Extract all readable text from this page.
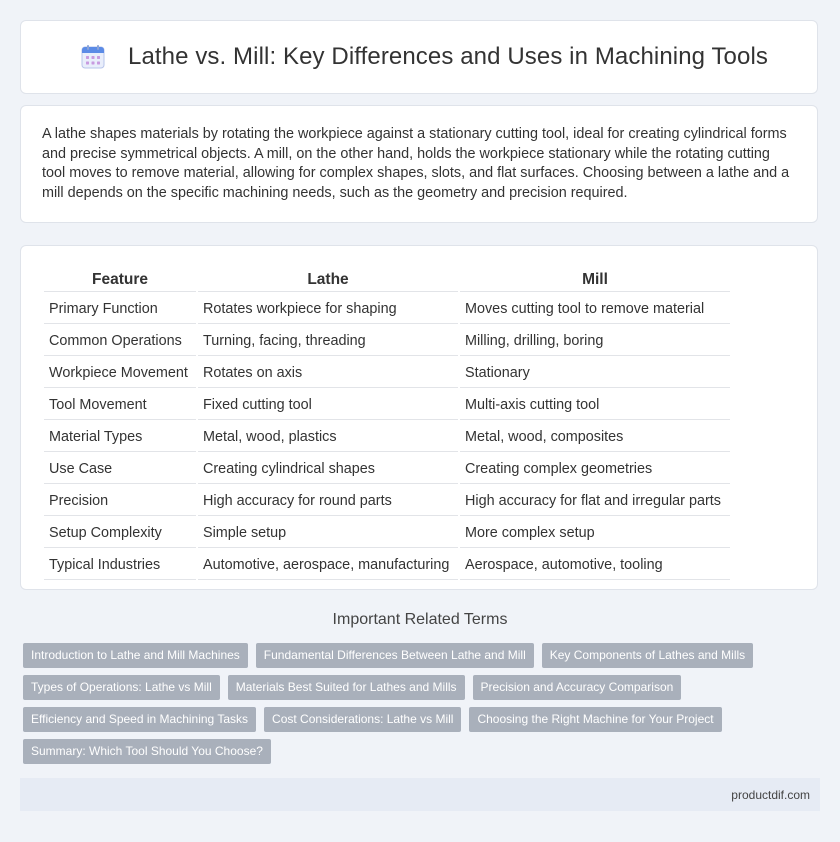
Lathe vs. Mill: Key Differences and Uses in Machining Tools

A lathe shapes materials by rotating the workpiece against a stationary cutting tool, ideal for creating cylindrical forms and precise symmetrical objects. A mill, on the other hand, holds the workpiece stationary while the rotating cutting tool moves to remove material, allowing for complex shapes, slots, and flat surfaces. Choosing between a lathe and a mill depends on the specific machining needs, such as the geometry and precision required.

Feature	Lathe	Mill
Primary Function	Rotates workpiece for shaping	Moves cutting tool to remove material
Common Operations	Turning, facing, threading	Milling, drilling, boring
Workpiece Movement	Rotates on axis	Stationary
Tool Movement	Fixed cutting tool	Multi-axis cutting tool
Material Types	Metal, wood, plastics	Metal, wood, composites
Use Case	Creating cylindrical shapes	Creating complex geometries
Precision	High accuracy for round parts	High accuracy for flat and irregular parts
Setup Complexity	Simple setup	More complex setup
Typical Industries	Automotive, aerospace, manufacturing	Aerospace, automotive, tooling
Important Related Terms
Introduction to Lathe and Mill Machines	Fundamental Differences Between Lathe and Mill	Key Components of Lathes and Mills
Types of Operations: Lathe vs Mill	Materials Best Suited for Lathes and Mills	Precision and Accuracy Comparison
Efficiency and Speed in Machining Tasks	Cost Considerations: Lathe vs Mill	Choosing the Right Machine for Your Project
Summary: Which Tool Should You Choose?
productdif.com
